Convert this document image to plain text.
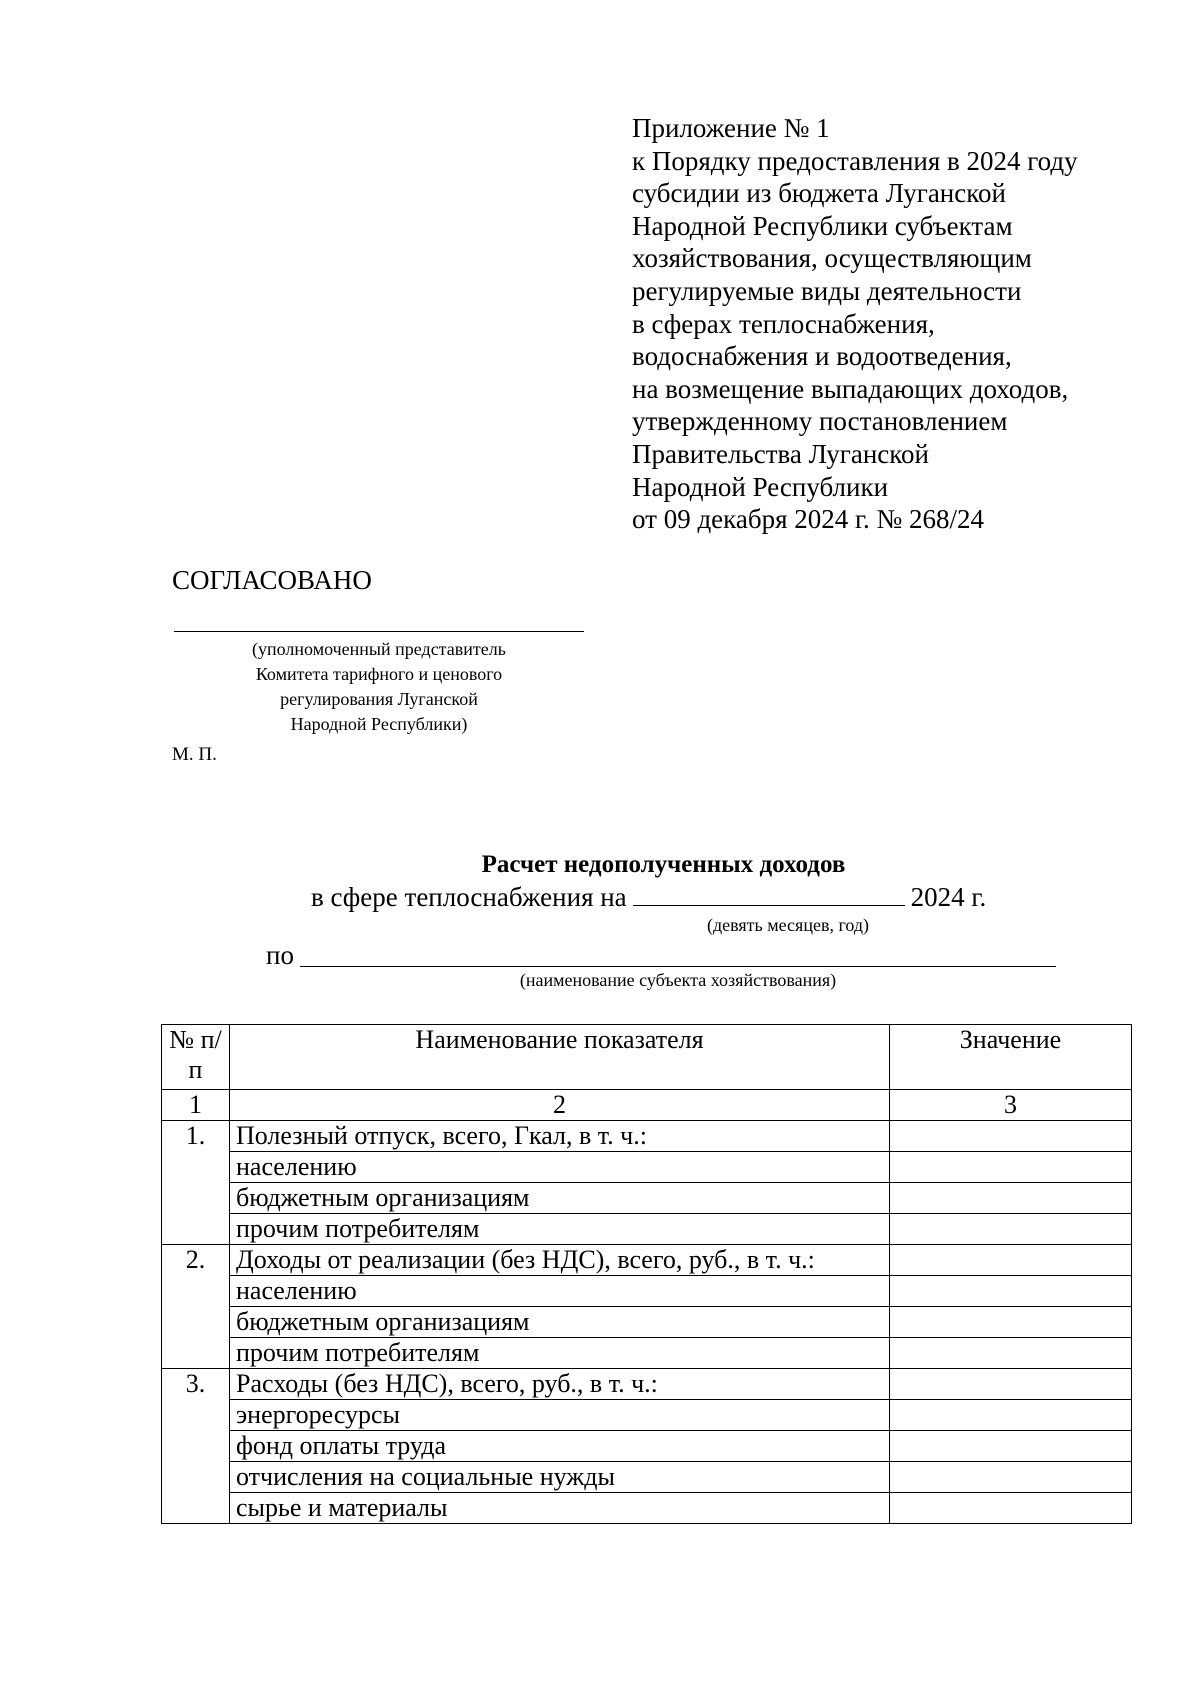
Приложение № 1
к Порядку предоставления в 2024 году
субсидии из бюджета Луганской
Народной Республики субъектам
хозяйствования, осуществляющим
регулируемые виды деятельности
в сферах теплоснабжения,
водоснабжения и водоотведения,
на возмещение выпадающих доходов,
утвержденному постановлением
Правительства Луганской
Народной Республики
от 09 декабря 2024 г. № 268/24
СОГЛАСОВАНО
(уполномоченный представитель
Комитета тарифного и ценового
регулирования Луганской
Народной Республики)
М. П.
Расчет недополученных доходов
в сфере теплоснабжения на	2024 г.
(девять месяцев, год)
по
(наименование субъекта хозяйствования)
№ п/п	Наименование показателя	Значение
1	2	3
1.	Полезный отпуск, всего, Гкал, в т. ч.:	
	населению	
	бюджетным организациям	
	прочим потребителям	
2.	Доходы от реализации (без НДС), всего, руб., в т. ч.:	
	населению	
	бюджетным организациям	
	прочим потребителям	
3.	Расходы (без НДС), всего, руб., в т. ч.:	
	энергоресурсы	
	фонд оплаты труда	
	отчисления на социальные нужды	
	сырье и материалы	
